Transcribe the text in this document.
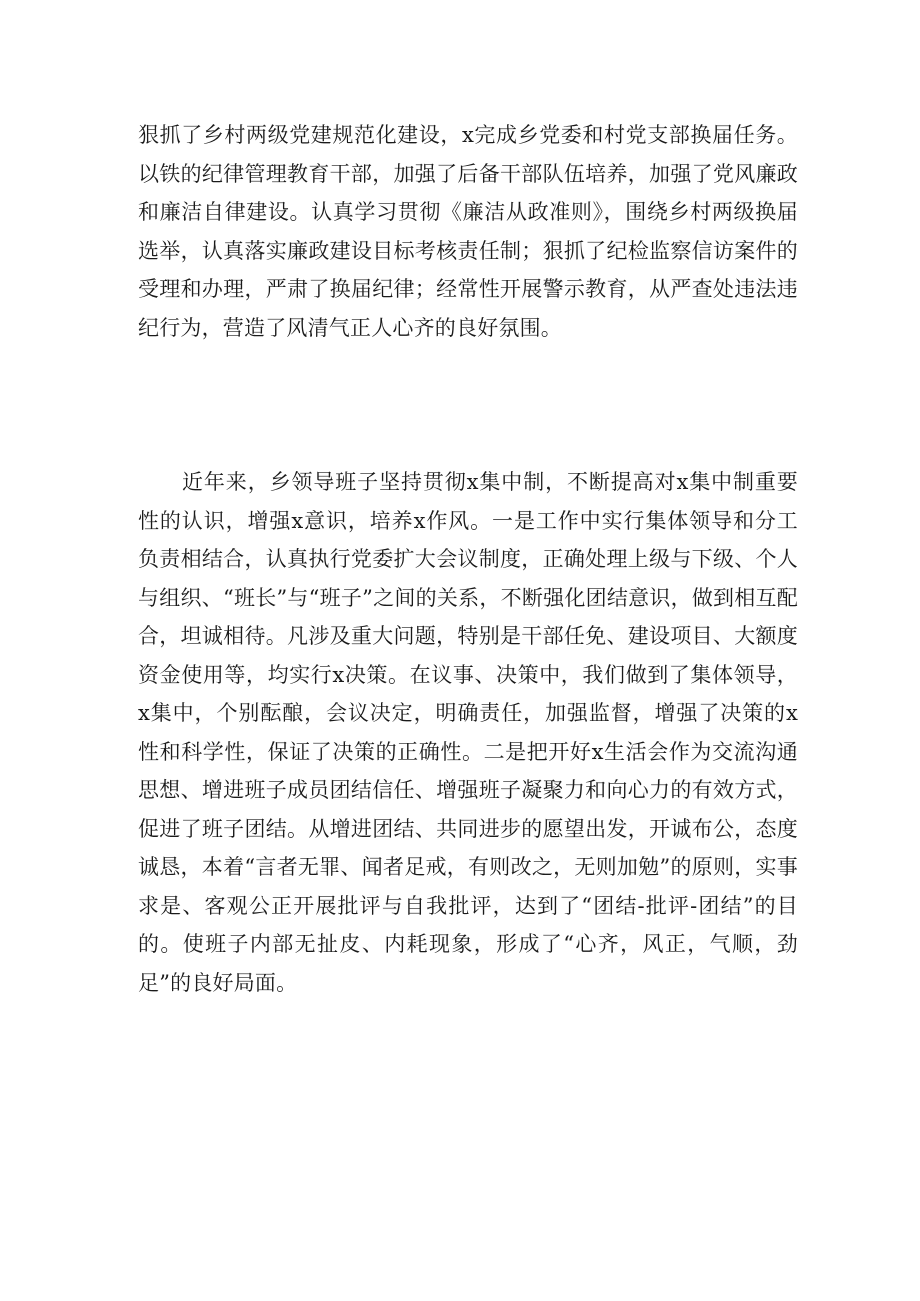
狠抓了乡村两级党建规范化建设，x完成乡党委和村党支部换届任务。以铁的纪律管理教育干部，加强了后备干部队伍培养，加强了党风廉政和廉洁自律建设。认真学习贯彻《廉洁从政准则》，围绕乡村两级换届选举，认真落实廉政建设目标考核责任制；狠抓了纪检监察信访案件的受理和办理，严肃了换届纪律；经常性开展警示教育，从严查处违法违纪行为，营造了风清气正人心齐的良好氛围。

近年来，乡领导班子坚持贯彻x集中制，不断提高对x集中制重要性的认识，增强x意识，培养x作风。一是工作中实行集体领导和分工负责相结合，认真执行党委扩大会议制度，正确处理上级与下级、个人与组织、“班长”与“班子”之间的关系，不断强化团结意识，做到相互配合，坦诚相待。凡涉及重大问题，特别是干部任免、建设项目、大额度资金使用等，均实行x决策。在议事、决策中，我们做到了集体领导，x集中，个别酝酿，会议决定，明确责任，加强监督，增强了决策的x性和科学性，保证了决策的正确性。二是把开好x生活会作为交流沟通思想、增进班子成员团结信任、增强班子凝聚力和向心力的有效方式，促进了班子团结。从增进团结、共同进步的愿望出发，开诚布公，态度诚恳，本着“言者无罪、闻者足戒，有则改之，无则加勉”的原则，实事求是、客观公正开展批评与自我批评，达到了“团结-批评-团结”的目的。使班子内部无扯皮、内耗现象，形成了“心齐，风正，气顺，劲足”的良好局面。
